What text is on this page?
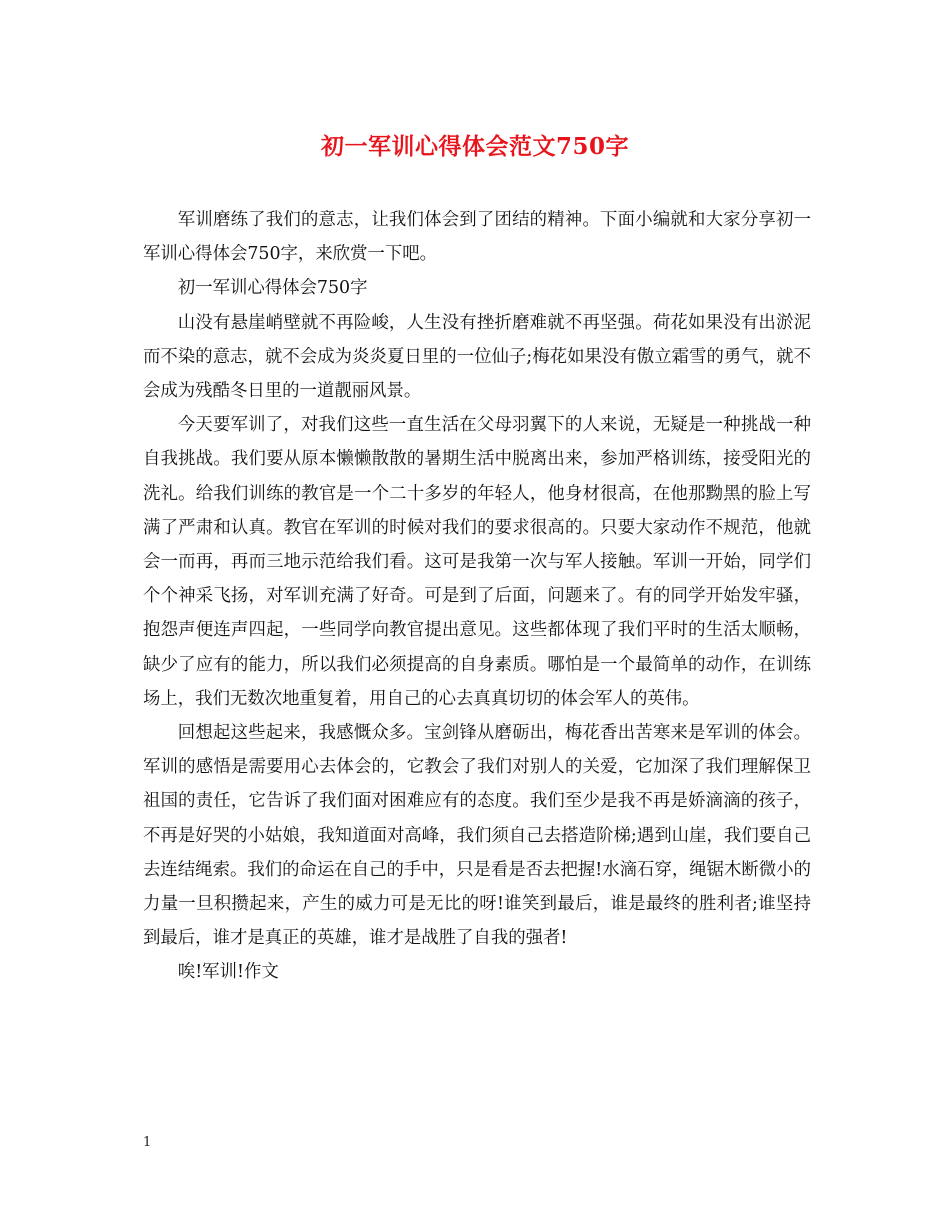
初一军训心得体会范文750字

军训磨练了我们的意志，让我们体会到了团结的精神。下面小编就和大家分享初一军训心得体会750字，来欣赏一下吧。

初一军训心得体会750字

山没有悬崖峭壁就不再险峻，人生没有挫折磨难就不再坚强。荷花如果没有出淤泥而不染的意志，就不会成为炎炎夏日里的一位仙子;梅花如果没有傲立霜雪的勇气，就不会成为残酷冬日里的一道靓丽风景。

今天要军训了，对我们这些一直生活在父母羽翼下的人来说，无疑是一种挑战一种自我挑战。我们要从原本懒懒散散的暑期生活中脱离出来，参加严格训练，接受阳光的洗礼。给我们训练的教官是一个二十多岁的年轻人，他身材很高，在他那黝黑的脸上写满了严肃和认真。教官在军训的时候对我们的要求很高的。只要大家动作不规范，他就会一而再，再而三地示范给我们看。这可是我第一次与军人接触。军训一开始，同学们个个神采飞扬，对军训充满了好奇。可是到了后面，问题来了。有的同学开始发牢骚，抱怨声便连声四起，一些同学向教官提出意见。这些都体现了我们平时的生活太顺畅，缺少了应有的能力，所以我们必须提高的自身素质。哪怕是一个最简单的动作，在训练场上，我们无数次地重复着，用自己的心去真真切切的体会军人的英伟。

回想起这些起来，我感慨众多。宝剑锋从磨砺出，梅花香出苦寒来是军训的体会。军训的感悟是需要用心去体会的，它教会了我们对别人的关爱，它加深了我们理解保卫祖国的责任，它告诉了我们面对困难应有的态度。我们至少是我不再是娇滴滴的孩子，不再是好哭的小姑娘，我知道面对高峰，我们须自己去搭造阶梯;遇到山崖，我们要自己去连结绳索。我们的命运在自己的手中，只是看是否去把握!水滴石穿，绳锯木断微小的力量一旦积攒起来，产生的威力可是无比的呀!谁笑到最后，谁是最终的胜利者;谁坚持到最后，谁才是真正的英雄，谁才是战胜了自我的强者!

唉!军训!作文

1
